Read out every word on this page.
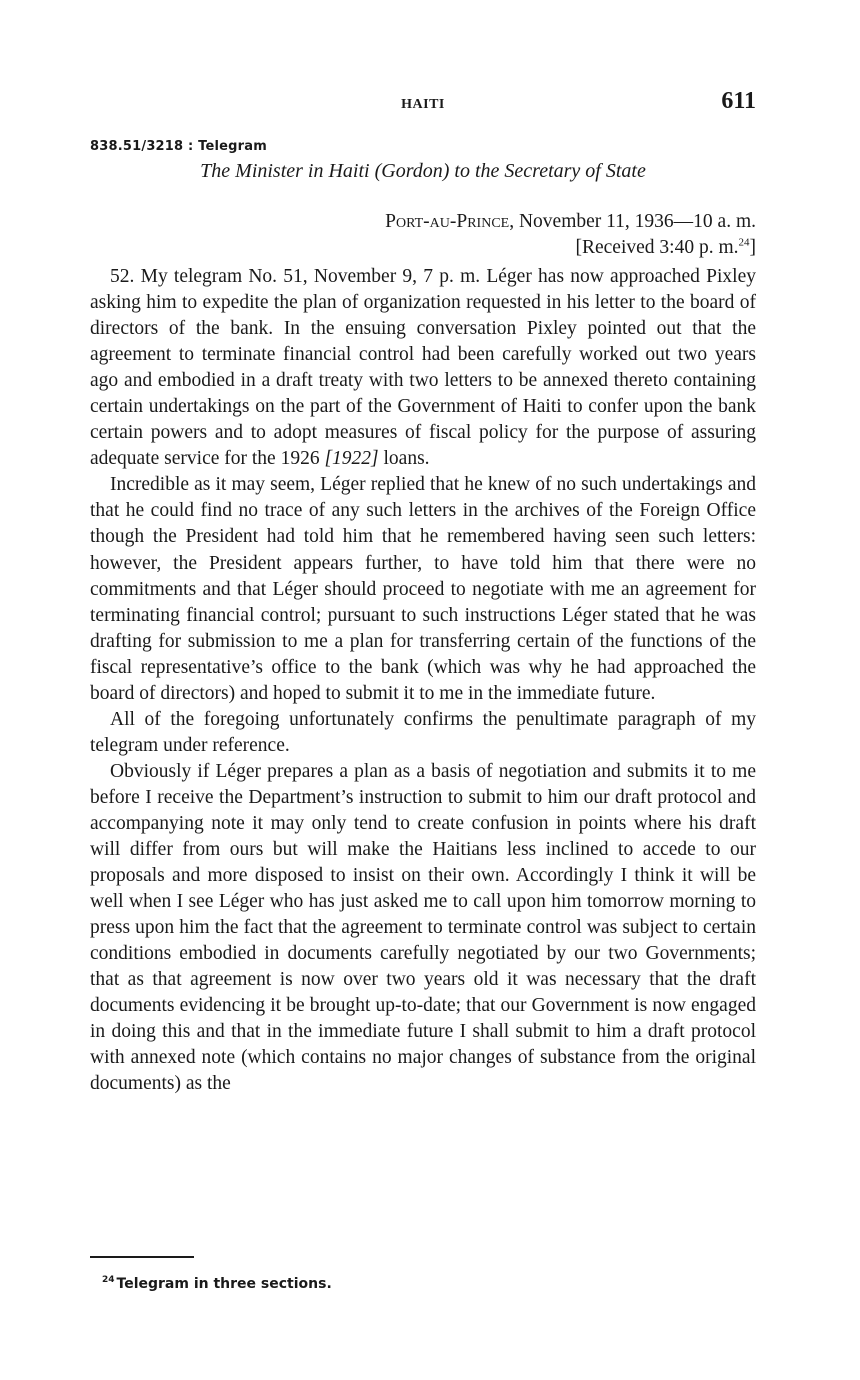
HAITI	611
838.51/3218 : Telegram
The Minister in Haiti (Gordon) to the Secretary of State
Port-au-Prince, November 11, 1936—10 a. m.
[Received 3:40 p. m.$^{24}$]

52. My telegram No. 51, November 9, 7 p. m. Léger has now approached Pixley asking him to expedite the plan of organization requested in his letter to the board of directors of the bank. In the ensuing conversation Pixley pointed out that the agreement to terminate financial control had been carefully worked out two years ago and embodied in a draft treaty with two letters to be annexed thereto containing certain undertakings on the part of the Government of Haiti to confer upon the bank certain powers and to adopt measures of fiscal policy for the purpose of assuring adequate service for the 1926 [1922] loans.

Incredible as it may seem, Léger replied that he knew of no such undertakings and that he could find no trace of any such letters in the archives of the Foreign Office though the President had told him that he remembered having seen such letters: however, the President appears further, to have told him that there were no commitments and that Léger should proceed to negotiate with me an agreement for terminating financial control; pursuant to such instructions Léger stated that he was drafting for submission to me a plan for transferring certain of the functions of the fiscal representative’s office to the bank (which was why he had approached the board of directors) and hoped to submit it to me in the immediate future.

All of the foregoing unfortunately confirms the penultimate paragraph of my telegram under reference.

Obviously if Léger prepares a plan as a basis of negotiation and submits it to me before I receive the Department’s instruction to submit to him our draft protocol and accompanying note it may only tend to create confusion in points where his draft will differ from ours but will make the Haitians less inclined to accede to our proposals and more disposed to insist on their own. Accordingly I think it will be well when I see Léger who has just asked me to call upon him tomorrow morning to press upon him the fact that the agreement to terminate control was subject to certain conditions embodied in documents carefully negotiated by our two Governments; that as that agreement is now over two years old it was necessary that the draft documents evidencing it be brought up-to-date; that our Government is now engaged in doing this and that in the immediate future I shall submit to him a draft protocol with annexed note (which contains no major changes of substance from the original documents) as the

$^{24}$ Telegram in three sections.
